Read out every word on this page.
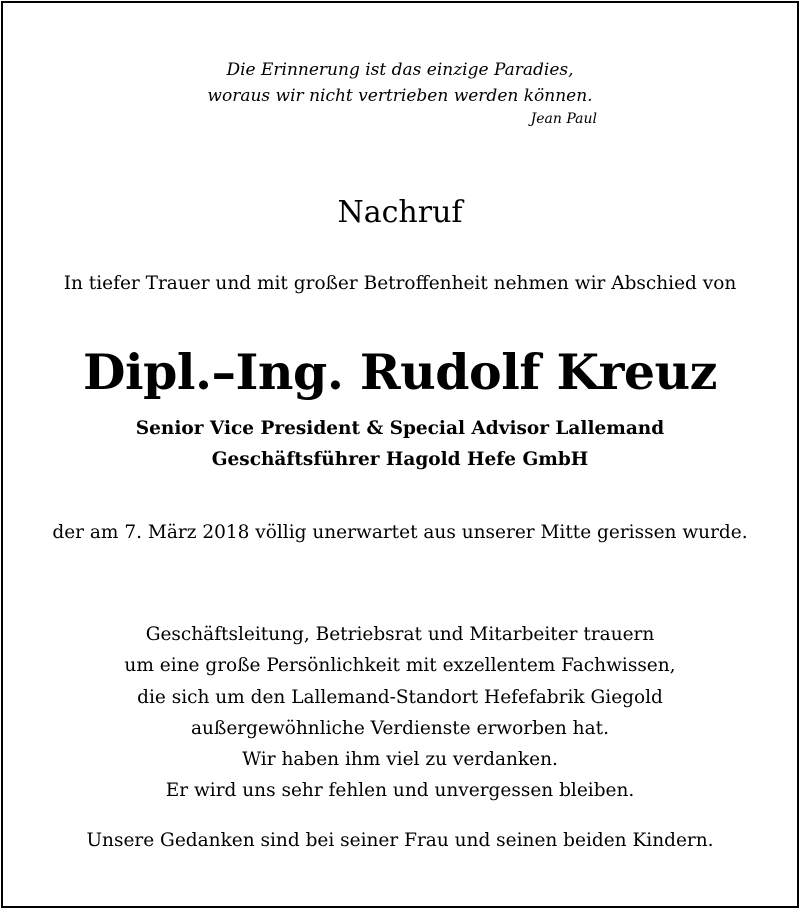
Die Erinnerung ist das einzige Paradies,
woraus wir nicht vertrieben werden können.
Jean Paul
Nachruf
In tiefer Trauer und mit großer Betroffenheit nehmen wir Abschied von
Dipl.–Ing. Rudolf Kreuz
Senior Vice President & Special Advisor Lallemand
Geschäftsführer Hagold Hefe GmbH
der am 7. März 2018 völlig unerwartet aus unserer Mitte gerissen wurde.
Geschäftsleitung, Betriebsrat und Mitarbeiter trauern
um eine große Persönlichkeit mit exzellentem Fachwissen,
die sich um den Lallemand-Standort Hefefabrik Giegold
außergewöhnliche Verdienste erworben hat.
Wir haben ihm viel zu verdanken.
Er wird uns sehr fehlen und unvergessen bleiben.
Unsere Gedanken sind bei seiner Frau und seinen beiden Kindern.
